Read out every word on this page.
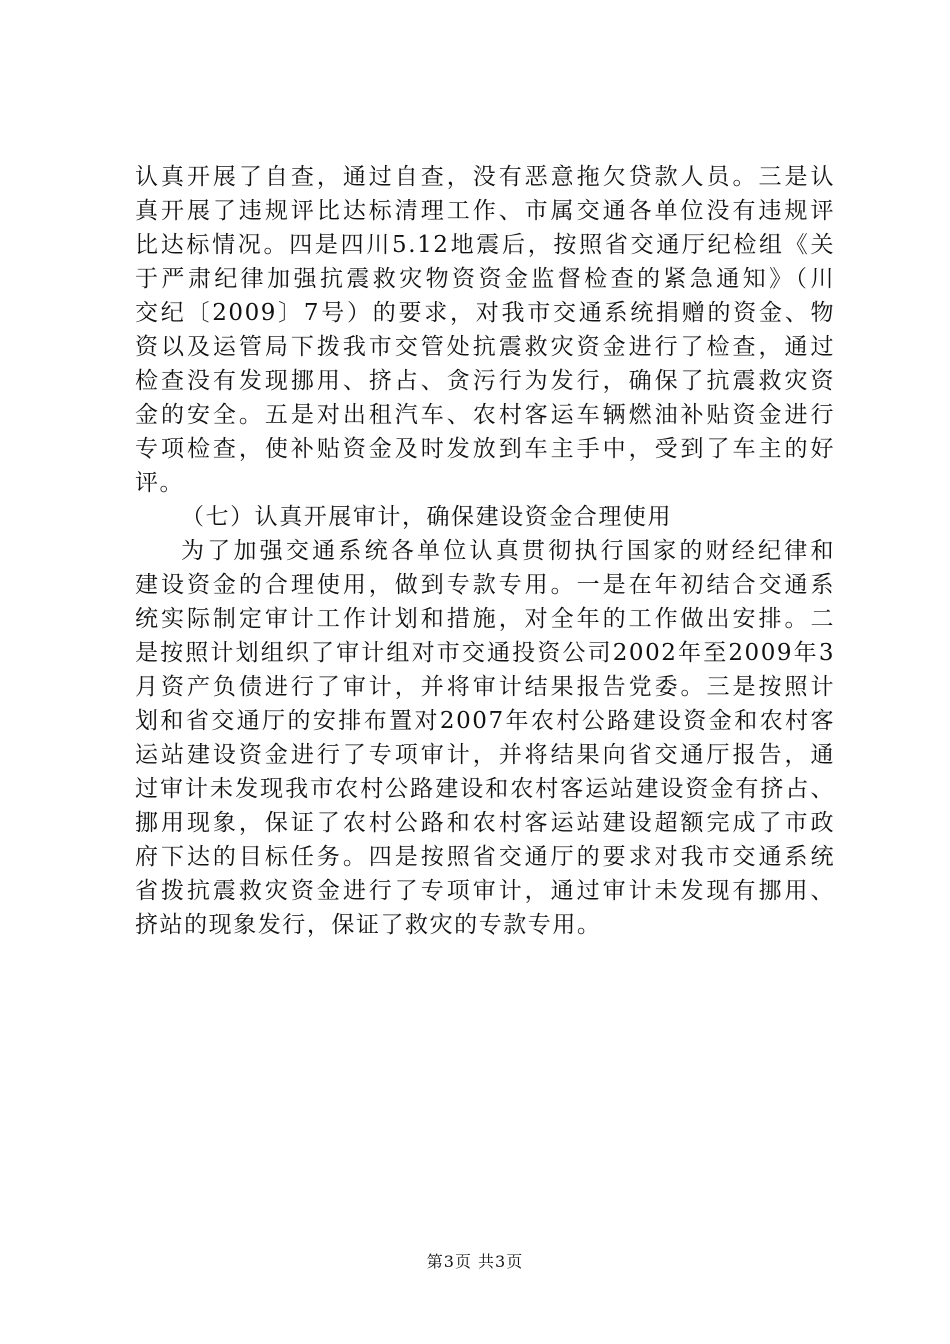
认真开展了自查，通过自查，没有恶意拖欠贷款人员。三是认
真开展了违规评比达标清理工作、市属交通各单位没有违规评
比达标情况。四是四川5.12地震后，按照省交通厅纪检组《关
于严肃纪律加强抗震救灾物资资金监督检查的紧急通知》（川
交纪〔2009〕7号）的要求，对我市交通系统捐赠的资金、物
资以及运管局下拨我市交管处抗震救灾资金进行了检查，通过
检查没有发现挪用、挤占、贪污行为发行，确保了抗震救灾资
金的安全。五是对出租汽车、农村客运车辆燃油补贴资金进行
专项检查，使补贴资金及时发放到车主手中，受到了车主的好
评。
（七）认真开展审计，确保建设资金合理使用
为了加强交通系统各单位认真贯彻执行国家的财经纪律和
建设资金的合理使用，做到专款专用。一是在年初结合交通系
统实际制定审计工作计划和措施，对全年的工作做出安排。二
是按照计划组织了审计组对市交通投资公司2002年至2009年3
月资产负债进行了审计，并将审计结果报告党委。三是按照计
划和省交通厅的安排布置对2007年农村公路建设资金和农村客
运站建设资金进行了专项审计，并将结果向省交通厅报告，通
过审计未发现我市农村公路建设和农村客运站建设资金有挤占、
挪用现象，保证了农村公路和农村客运站建设超额完成了市政
府下达的目标任务。四是按照省交通厅的要求对我市交通系统
省拨抗震救灾资金进行了专项审计，通过审计未发现有挪用、
挤站的现象发行，保证了救灾的专款专用。
第3页 共3页
